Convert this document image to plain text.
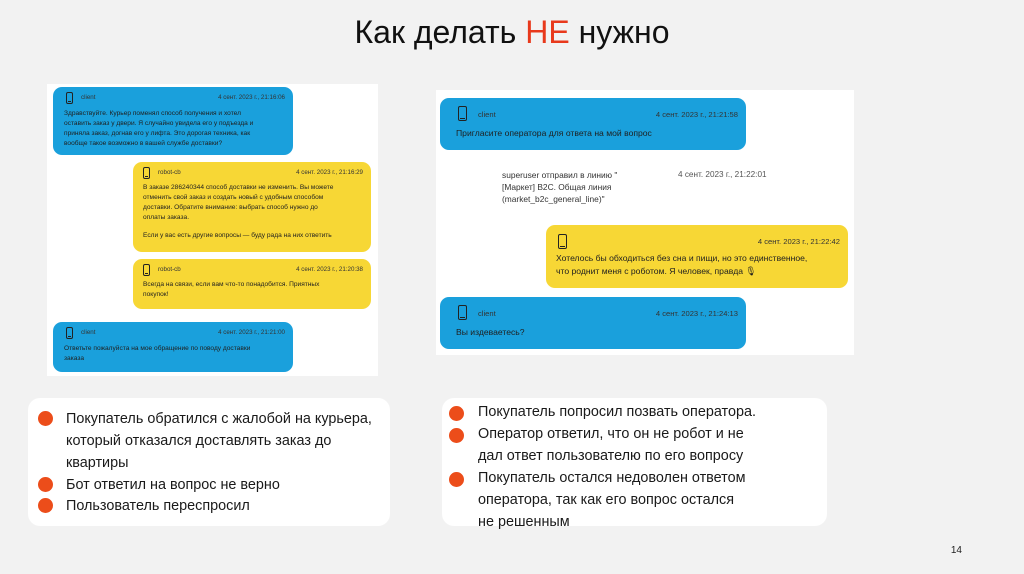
Как делать НЕ нужно
client	4 сент. 2023 г., 21:16:06
Здравствуйте. Курьер поменял способ получения и хотел
оставить заказ у двери. Я случайно увидела его у подъезда и
приняла заказ, догнав его у лифта. Это дорогая техника, как
вообще такое возможно в вашей службе доставки?
robot-cb	4 сент. 2023 г., 21:16:29
В заказе 286240344 способ доставки не изменить. Вы можете
отменить свой заказ и создать новый с удобным способом
доставки. Обратите внимание: выбрать способ нужно до
оплаты заказа.
Если у вас есть другие вопросы — буду рада на них ответить
robot-cb	4 сент. 2023 г., 21:20:38
Всегда на связи, если вам что-то понадобится. Приятных
покупок!
client	4 сент. 2023 г., 21:21:00
Ответьте пожалуйста на мое обращение по поводу доставки
заказа
client	4 сент. 2023 г., 21:21:58
Пригласите оператора для ответа на мой вопрос
superuser отправил в линию "
[Маркет] B2C. Общая линия
(market_b2c_general_line)"
4 сент. 2023 г., 21:22:01
4 сент. 2023 г., 21:22:42
Хотелось бы обходиться без сна и пищи, но это единственное,
что роднит меня с роботом. Я человек, правда 🎙
client	4 сент. 2023 г., 21:24:13
Вы издеваетесь?
Покупатель обратился с жалобой на курьера,
который отказался доставлять заказ до
квартиры
Бот ответил на вопрос не верно
Пользователь переспросил
Покупатель попросил позвать оператора.
Оператор ответил, что он не робот и не
дал ответ пользователю по его вопросу
Покупатель остался недоволен ответом
оператора, так как его вопрос остался
не решенным
14
